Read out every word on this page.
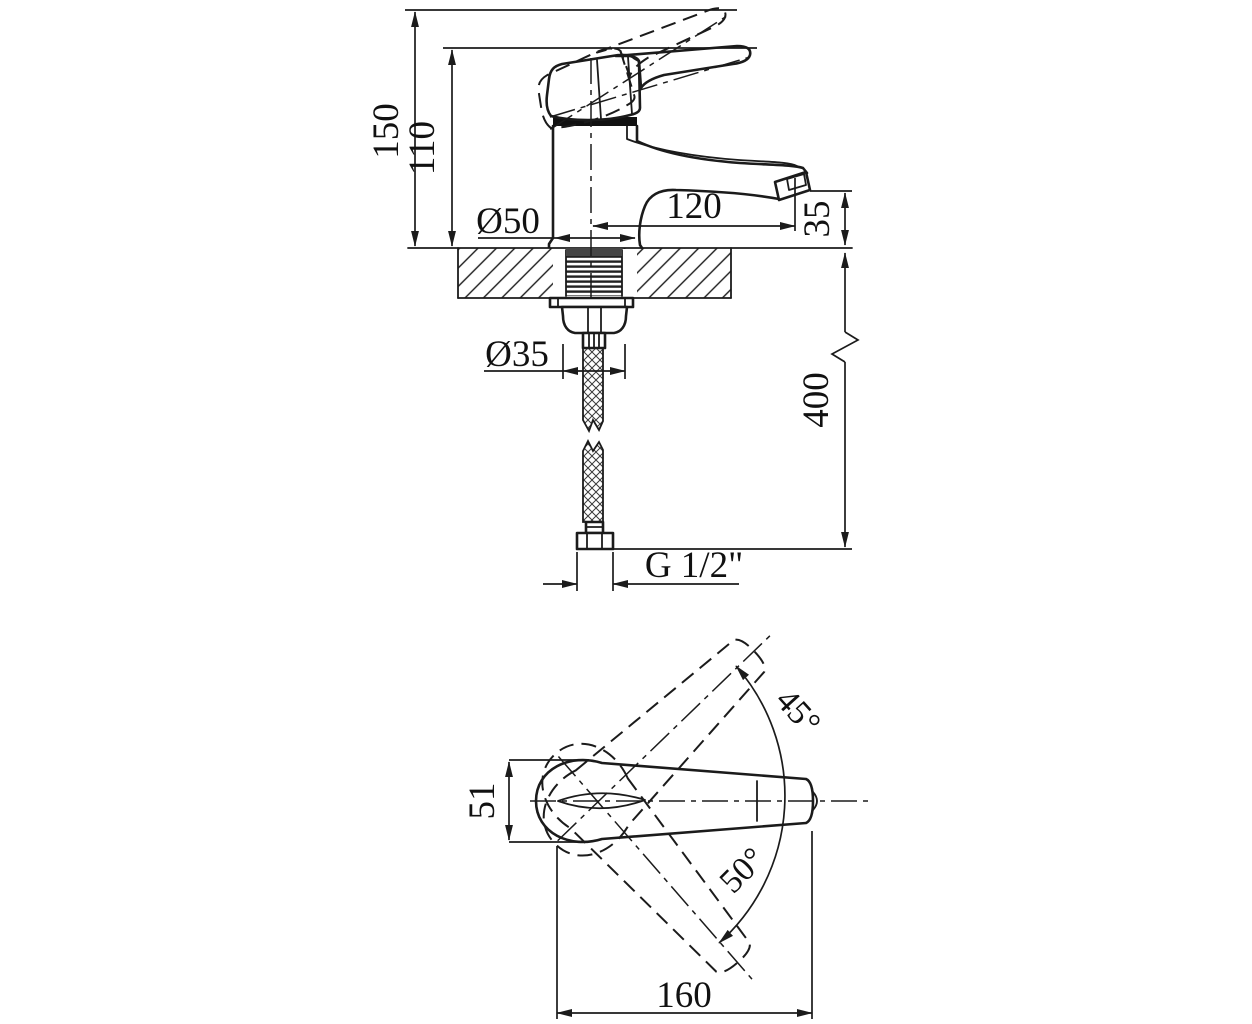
150
110
Ø50	120 35
400
Ø35
G 1/2"
45°
50°
51
160
